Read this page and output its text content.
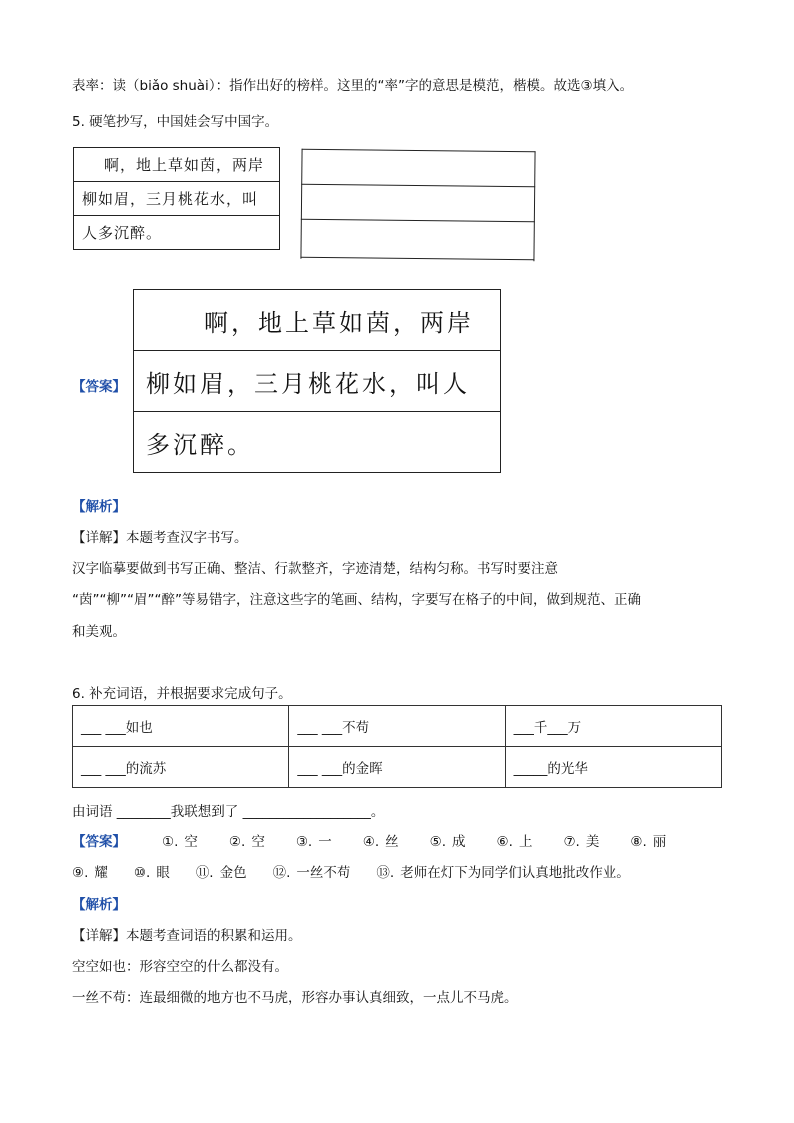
表率：读（biǎo shuài）：指作出好的榜样。这里的“率”字的意思是模范，楷模。故选③填入。
5. 硬笔抄写，中国娃会写中国字。
啊，地上草如茵，两岸
柳如眉，三月桃花水，叫
人多沉醉。
【答案】
啊，地上草如茵，两岸
柳如眉，三月桃花水，叫人
多沉醉。
【解析】
【详解】本题考查汉字书写。
汉字临摹要做到书写正确、整洁、行款整齐，字迹清楚，结构匀称。书写时要注意
“茵”“柳”“眉”“醉”等易错字，注意这些字的笔画、结构，字要写在格子的中间，做到规范、正确
和美观。
6. 补充词语，并根据要求完成句子。
___ ___如也	___ ___不苟	___千___万
___ ___的流苏	___ ___的金晖	_____的光华
由词语 ________我联想到了 ___________________。
【答案】	①. 空 ②. 空 ③. 一 ④. 丝 ⑤. 成 ⑥. 上 ⑦. 美 ⑧. 丽
⑨. 耀 ⑩. 眼 ⑪. 金色 ⑫. 一丝不苟 ⑬. 老师在灯下为同学们认真地批改作业。
【解析】
【详解】本题考查词语的积累和运用。
空空如也：形容空空的什么都没有。
一丝不苟：连最细微的地方也不马虎，形容办事认真细致，一点儿不马虎。
